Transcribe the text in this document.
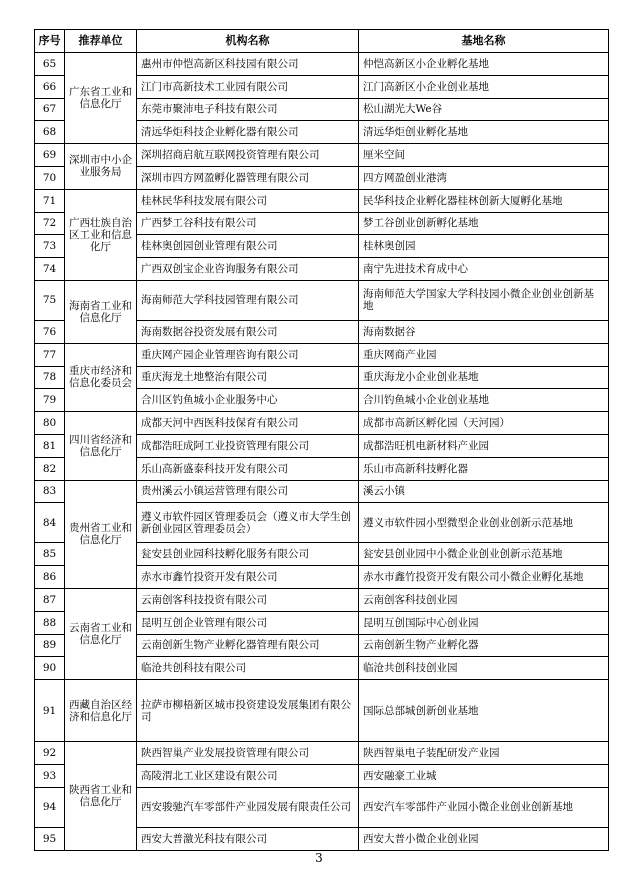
序号	推荐单位	机构名称	基地名称
65	广东省工业和信息化厅	惠州市仲恺高新区科技园有限公司	仲恺高新区小企业孵化基地
66		江门市高新技术工业园有限公司	江门高新区小企业创业基地
67		东莞市聚沛电子科技有限公司	松山湖光大We谷
68		清远华炬科技企业孵化器有限公司	清远华炬创业孵化基地
69	深圳市中小企业服务局	深圳招商启航互联网投资管理有限公司	厘米空间
70		深圳市四方网盈孵化器管理有限公司	四方网盈创业港湾
71	广西壮族自治区工业和信息化厅	桂林民华科技发展有限公司	民华科技企业孵化器桂林创新大厦孵化基地
72		广西梦工谷科技有限公司	梦工谷创业创新孵化基地
73		桂林奥创园创业管理有限公司	桂林奥创园
74		广西双创宝企业咨询服务有限公司	南宁先进技术育成中心
75	海南省工业和信息化厅	海南师范大学科技园管理有限公司	海南师范大学国家大学科技园小微企业创业创新基地
76		海南数据谷投资发展有限公司	海南数据谷
77	重庆市经济和信息化委员会	重庆网产园企业管理咨询有限公司	重庆网商产业园
78		重庆海龙土地整治有限公司	重庆海龙小企业创业基地
79		合川区钓鱼城小企业服务中心	合川钓鱼城小企业创业基地
80	四川省经济和信息化厅	成都天河中西医科技保育有限公司	成都市高新区孵化园（天河园）
81		成都浩旺成阿工业投资管理有限公司	成都浩旺机电新材料产业园
82		乐山高新盛泰科技开发有限公司	乐山市高新科技孵化器
83	贵州省工业和信息化厅	贵州溪云小镇运营管理有限公司	溪云小镇
84		遵义市软件园区管理委员会（遵义市大学生创新创业园区管理委员会）	遵义市软件园小型微型企业创业创新示范基地
85		瓮安县创业园科技孵化服务有限公司	瓮安县创业园中小微企业创业创新示范基地
86		赤水市鑫竹投资开发有限公司	赤水市鑫竹投资开发有限公司小微企业孵化基地
87	云南省工业和信息化厅	云南创客科技投资有限公司	云南创客科技创业园
88		昆明互创企业管理有限公司	昆明互创国际中心创业园
89		云南创新生物产业孵化器管理有限公司	云南创新生物产业孵化器
90		临沧共创科技有限公司	临沧共创科技创业园
91	西藏自治区经济和信息化厅	拉萨市柳梧新区城市投资建设发展集团有限公司	国际总部城创新创业基地
92	陕西省工业和信息化厅	陕西智巢产业发展投资管理有限公司	陕西智巢电子装配研发产业园
93		高陵渭北工业区建设有限公司	西安融豪工业城
94		西安骏驰汽车零部件产业园发展有限责任公司	西安汽车零部件产业园小微企业创业创新基地
95		西安大普激光科技有限公司	西安大普小微企业创业园
3
